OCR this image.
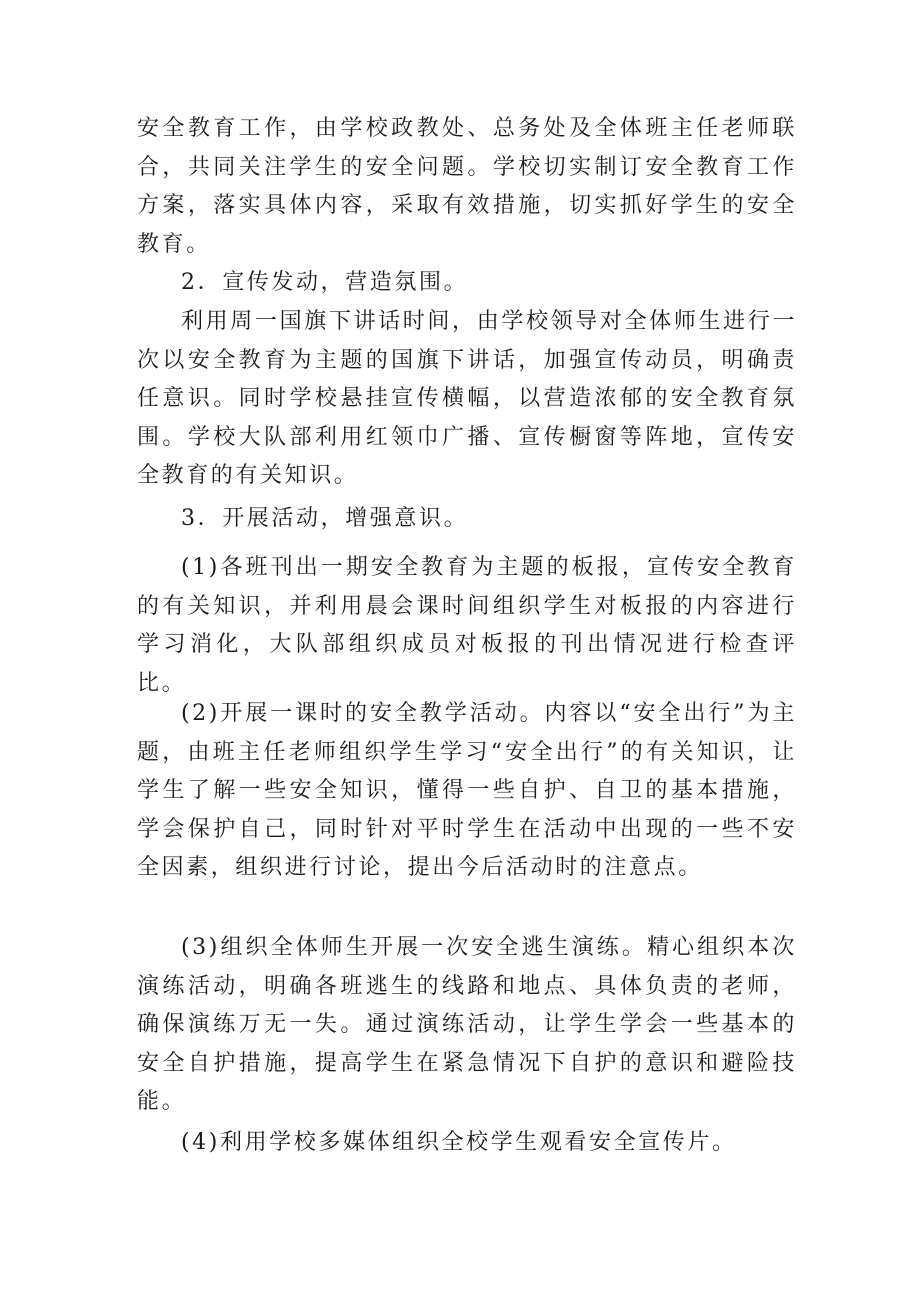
安全教育工作，由学校政教处、总务处及全体班主任老师联合，共同关注学生的安全问题。学校切实制订安全教育工作方案，落实具体内容，采取有效措施，切实抓好学生的安全教育。

2．宣传发动，营造氛围。

利用周一国旗下讲话时间，由学校领导对全体师生进行一次以安全教育为主题的国旗下讲话，加强宣传动员，明确责任意识。同时学校悬挂宣传横幅，以营造浓郁的安全教育氛围。学校大队部利用红领巾广播、宣传橱窗等阵地，宣传安全教育的有关知识。

3．开展活动，增强意识。

(1)各班刊出一期安全教育为主题的板报，宣传安全教育的有关知识，并利用晨会课时间组织学生对板报的内容进行学习消化，大队部组织成员对板报的刊出情况进行检查评比。

(2)开展一课时的安全教学活动。内容以“安全出行”为主题，由班主任老师组织学生学习“安全出行”的有关知识，让学生了解一些安全知识，懂得一些自护、自卫的基本措施，学会保护自己，同时针对平时学生在活动中出现的一些不安全因素，组织进行讨论，提出今后活动时的注意点。

(3)组织全体师生开展一次安全逃生演练。精心组织本次演练活动，明确各班逃生的线路和地点、具体负责的老师，确保演练万无一失。通过演练活动，让学生学会一些基本的安全自护措施，提高学生在紧急情况下自护的意识和避险技能。

(4)利用学校多媒体组织全校学生观看安全宣传片。
